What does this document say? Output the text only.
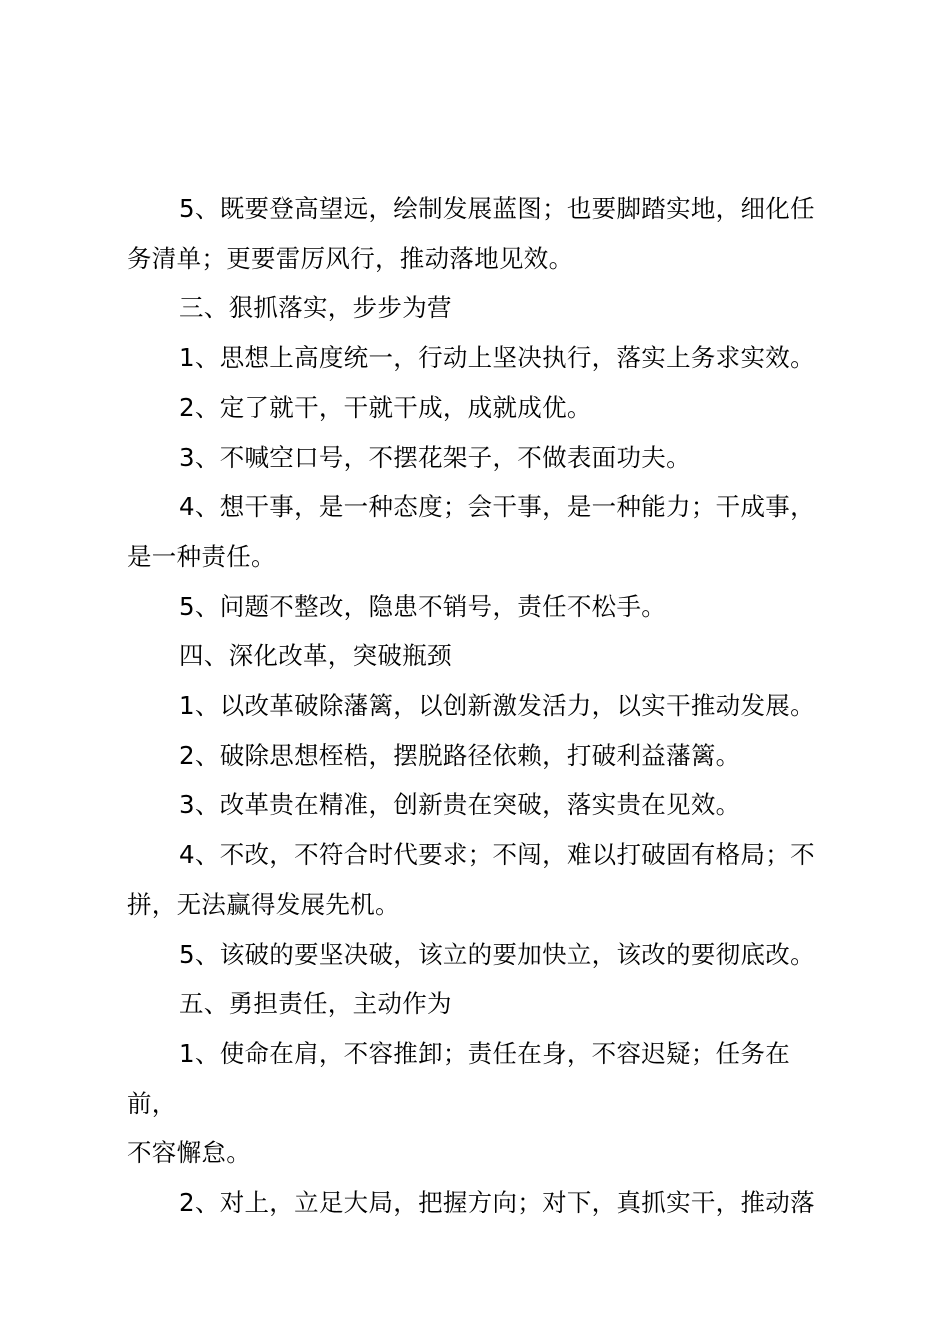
5、既要登高望远，绘制发展蓝图；也要脚踏实地，细化任
务清单；更要雷厉风行，推动落地见效。

三、狠抓落实，步步为营

1、思想上高度统一，行动上坚决执行，落实上务求实效。

2、定了就干，干就干成，成就成优。

3、不喊空口号，不摆花架子，不做表面功夫。

4、想干事，是一种态度；会干事，是一种能力；干成事，
是一种责任。

5、问题不整改，隐患不销号，责任不松手。

四、深化改革，突破瓶颈

1、以改革破除藩篱，以创新激发活力，以实干推动发展。

2、破除思想桎梏，摆脱路径依赖，打破利益藩篱。

3、改革贵在精准，创新贵在突破，落实贵在见效。

4、不改，不符合时代要求；不闯，难以打破固有格局；不
拼，无法赢得发展先机。

5、该破的要坚决破，该立的要加快立，该改的要彻底改。

五、勇担责任，主动作为

1、使命在肩，不容推卸；责任在身，不容迟疑；任务在前，
不容懈怠。

2、对上，立足大局，把握方向；对下，真抓实干，推动落
